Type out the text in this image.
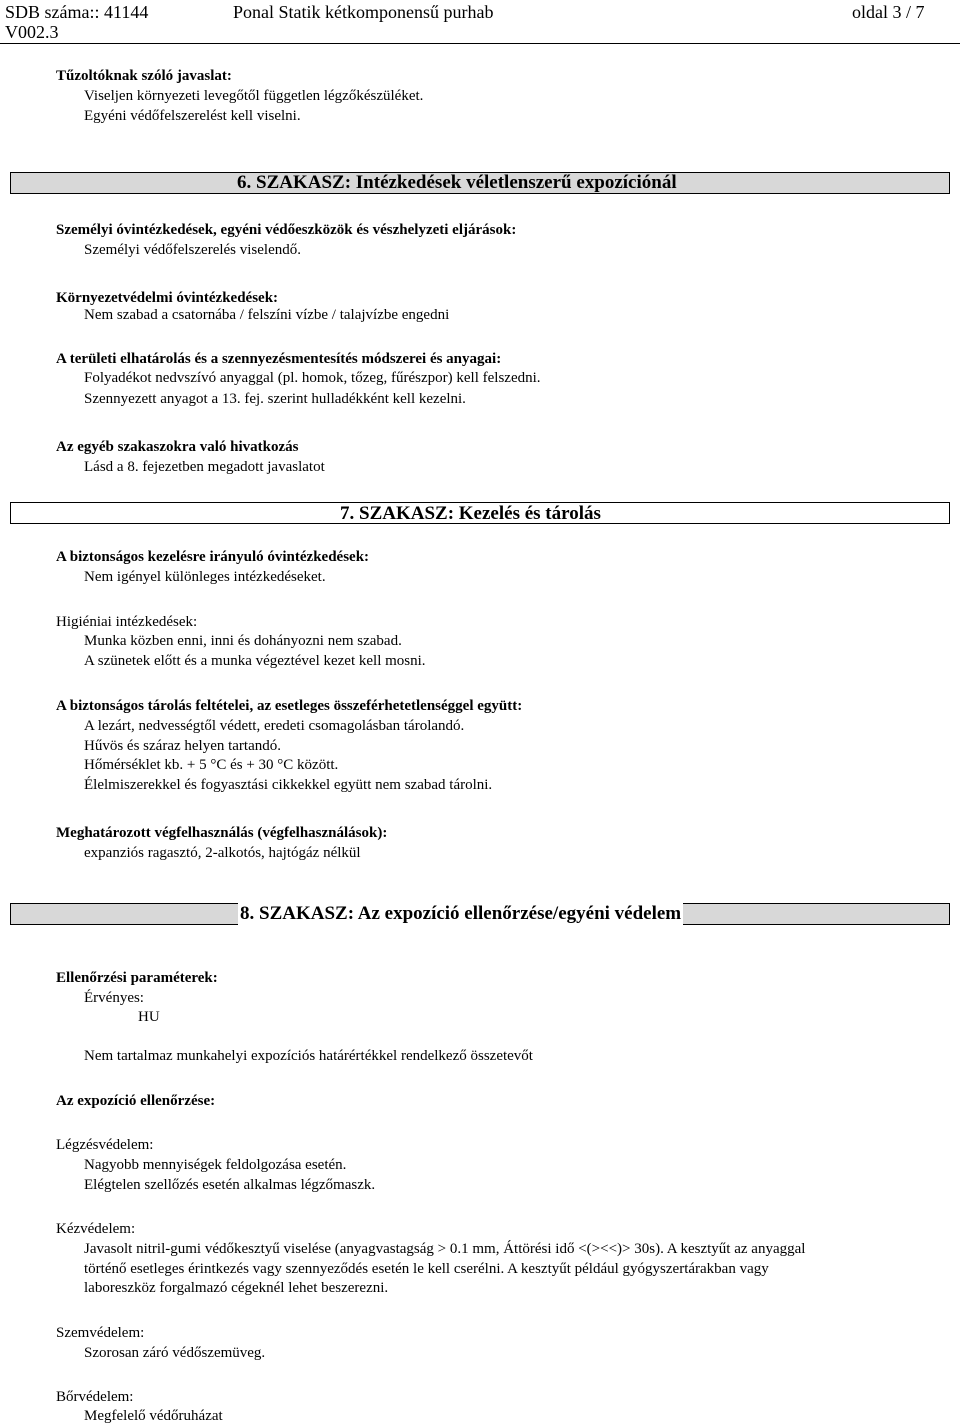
SDB száma:: 41144
V002.3
Ponal Statik kétkomponensű purhab	oldal 3 / 7
Tűzoltóknak szóló javaslat:
Viseljen környezeti levegőtől független légzőkészüléket.
Egyéni védőfelszerelést kell viselni.
6. SZAKASZ: Intézkedések véletlenszerű expozíciónál
Személyi óvintézkedések, egyéni védőeszközök és vészhelyzeti eljárások:
Személyi védőfelszerelés viselendő.
Környezetvédelmi óvintézkedések:
Nem szabad a csatornába / felszíni vízbe / talajvízbe engedni
A területi elhatárolás és a szennyezésmentesítés módszerei és anyagai:
Folyadékot nedvszívó anyaggal (pl. homok, tőzeg, fűrészpor) kell felszedni.
Szennyezett anyagot a 13. fej. szerint hulladékként kell kezelni.
Az egyéb szakaszokra való hivatkozás
Lásd a 8. fejezetben megadott javaslatot
7. SZAKASZ: Kezelés és tárolás
A biztonságos kezelésre irányuló óvintézkedések:
Nem igényel különleges intézkedéseket.
Higiéniai intézkedések:
Munka közben enni, inni és dohányozni nem szabad.
A szünetek előtt és a munka végeztével kezet kell mosni.
A biztonságos tárolás feltételei, az esetleges összeférhetetlenséggel együtt:
A lezárt, nedvességtől védett, eredeti csomagolásban tárolandó.
Hűvös és száraz helyen tartandó.
Hőmérséklet kb. + 5 °C és + 30 °C között.
Élelmiszerekkel és fogyasztási cikkekkel együtt nem szabad tárolni.
Meghatározott végfelhasználás (végfelhasználások):
expanziós ragasztó, 2-alkotós, hajtógáz nélkül
8. SZAKASZ: Az expozíció ellenőrzése/egyéni védelem
Ellenőrzési paraméterek:
Érvényes:
HU
Nem tartalmaz munkahelyi expozíciós határértékkel rendelkező összetevőt
Az expozíció ellenőrzése:
Légzésvédelem:
Nagyobb mennyiségek feldolgozása esetén.
Elégtelen szellőzés esetén alkalmas légzőmaszk.
Kézvédelem:
Javasolt nitril-gumi védőkesztyű viselése (anyagvastagság > 0.1 mm, Áttörési idő <(><<)> 30s). A kesztyűt az anyaggal
történő esetleges érintkezés vagy szennyeződés esetén le kell cserélni. A kesztyűt például gyógyszertárakban vagy
laboreszköz forgalmazó cégeknél lehet beszerezni.
Szemvédelem:
Szorosan záró védőszemüveg.
Bőrvédelem:
Megfelelő védőruházat
